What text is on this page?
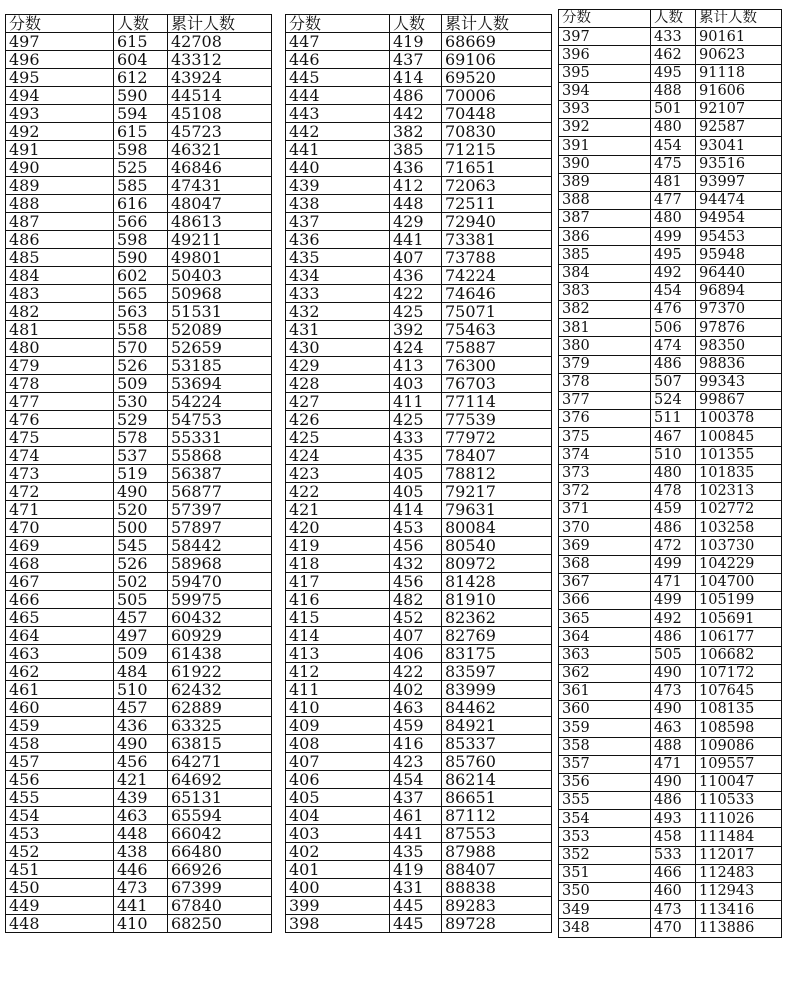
分数	人数	累计人数
497	615	42708
496	604	43312
495	612	43924
494	590	44514
493	594	45108
492	615	45723
491	598	46321
490	525	46846
489	585	47431
488	616	48047
487	566	48613
486	598	49211
485	590	49801
484	602	50403
483	565	50968
482	563	51531
481	558	52089
480	570	52659
479	526	53185
478	509	53694
477	530	54224
476	529	54753
475	578	55331
474	537	55868
473	519	56387
472	490	56877
471	520	57397
470	500	57897
469	545	58442
468	526	58968
467	502	59470
466	505	59975
465	457	60432
464	497	60929
463	509	61438
462	484	61922
461	510	62432
460	457	62889
459	436	63325
458	490	63815
457	456	64271
456	421	64692
455	439	65131
454	463	65594
453	448	66042
452	438	66480
451	446	66926
450	473	67399
449	441	67840
448	410	68250
分数	人数	累计人数
447	419	68669
446	437	69106
445	414	69520
444	486	70006
443	442	70448
442	382	70830
441	385	71215
440	436	71651
439	412	72063
438	448	72511
437	429	72940
436	441	73381
435	407	73788
434	436	74224
433	422	74646
432	425	75071
431	392	75463
430	424	75887
429	413	76300
428	403	76703
427	411	77114
426	425	77539
425	433	77972
424	435	78407
423	405	78812
422	405	79217
421	414	79631
420	453	80084
419	456	80540
418	432	80972
417	456	81428
416	482	81910
415	452	82362
414	407	82769
413	406	83175
412	422	83597
411	402	83999
410	463	84462
409	459	84921
408	416	85337
407	423	85760
406	454	86214
405	437	86651
404	461	87112
403	441	87553
402	435	87988
401	419	88407
400	431	88838
399	445	89283
398	445	89728
分数	人数	累计人数
397	433	90161
396	462	90623
395	495	91118
394	488	91606
393	501	92107
392	480	92587
391	454	93041
390	475	93516
389	481	93997
388	477	94474
387	480	94954
386	499	95453
385	495	95948
384	492	96440
383	454	96894
382	476	97370
381	506	97876
380	474	98350
379	486	98836
378	507	99343
377	524	99867
376	511	100378
375	467	100845
374	510	101355
373	480	101835
372	478	102313
371	459	102772
370	486	103258
369	472	103730
368	499	104229
367	471	104700
366	499	105199
365	492	105691
364	486	106177
363	505	106682
362	490	107172
361	473	107645
360	490	108135
359	463	108598
358	488	109086
357	471	109557
356	490	110047
355	486	110533
354	493	111026
353	458	111484
352	533	112017
351	466	112483
350	460	112943
349	473	113416
348	470	113886
